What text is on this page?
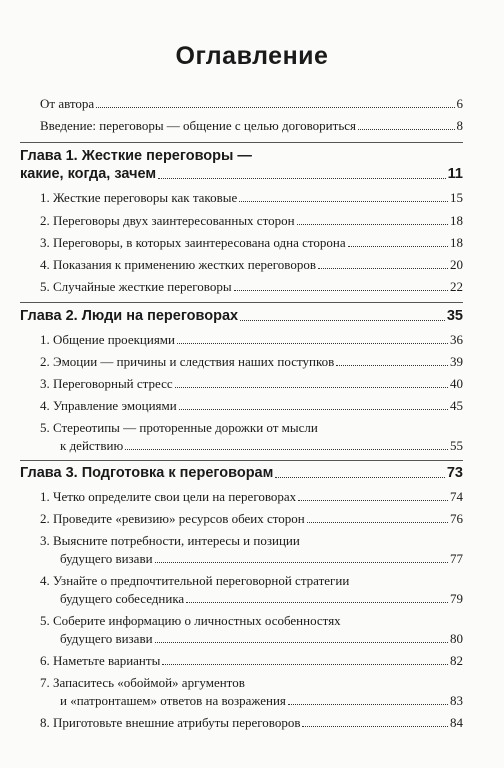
Оглавление
От автора	6
Введение: переговоры — общение с целью договориться	8
Глава 1. Жесткие переговоры —
какие, когда, зачем	11
1. Жесткие переговоры как таковые	15
2. Переговоры двух заинтересованных сторон	18
3. Переговоры, в которых заинтересована одна сторона	18
4. Показания к применению жестких переговоров	20
5. Случайные жесткие переговоры	22
Глава 2. Люди на переговорах	35
1. Общение проекциями	36
2. Эмоции — причины и следствия наших поступков	39
3. Переговорный стресс	40
4. Управление эмоциями	45
5. Стереотипы — проторенные дорожки от мысли
к действию	55
Глава 3. Подготовка к переговорам	73
1. Четко определите свои цели на переговорах	74
2. Проведите «ревизию» ресурсов обеих сторон	76
3. Выясните потребности, интересы и позиции
будущего визави	77
4. Узнайте о предпочтительной переговорной стратегии
будущего собеседника	79
5. Соберите информацию о личностных особенностях
будущего визави	80
6. Наметьте варианты	82
7. Запаситесь «обоймой» аргументов
и «патронташем» ответов на возражения	83
8. Приготовьте внешние атрибуты переговоров	84
